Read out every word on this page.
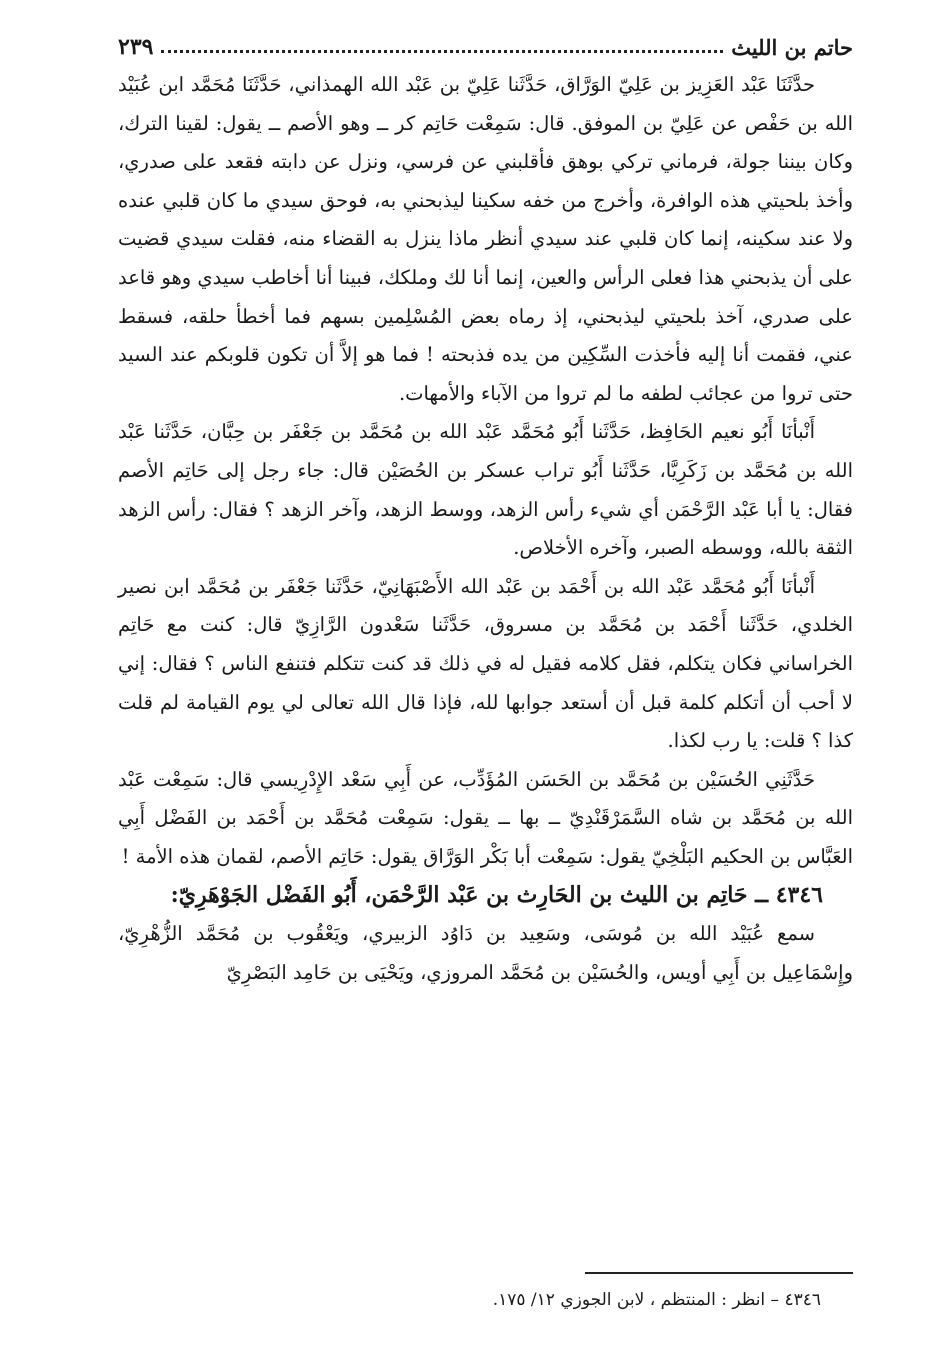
حاتم بن الليث
٢٣٩

حدَّثَنَا عَبْد العَزِيز بن عَلِيّ الوَرَّاق، حَدَّثَنا عَلِيّ بن عَبْد الله الهمذاني، حَدَّثَنَا مُحَمَّد ابن عُبَيْد الله بن حَفْص عن عَلِيّ بن الموفق. قال: سَمِعْت حَاتِم كر ــ وهو الأصم ــ يقول: لقينا الترك، وكان بيننا جولة، فرماني تركي بوهق فأقلبني عن فرسي، ونزل عن دابته فقعد على صدري، وأخذ بلحيتي هذه الوافرة، وأخرج من خفه سكينا ليذبحني به، فوحق سيدي ما كان قلبي عنده ولا عند سكينه، إنما كان قلبي عند سيدي أنظر ماذا ينزل به القضاء منه، فقلت سيدي قضيت على أن يذبحني هذا فعلى الرأس والعين، إنما أنا لك وملكك، فبينا أنا أخاطب سيدي وهو قاعد على صدري، آخذ بلحيتي ليذبحني، إذ رماه بعض المُسْلِمين بسهم فما أخطأ حلقه، فسقط عني، فقمت أنا إليه فأخذت السِّكِين من يده فذبحته ! فما هو إلاَّ أن تكون قلوبكم عند السيد حتى تروا من عجائب لطفه ما لم تروا من الآباء والأمهات.

أَنْبأنَا أَبُو نعيم الحَافِظ، حَدَّثَنا أَبُو مُحَمَّد عَبْد الله بن مُحَمَّد بن جَعْفَر بن حِبَّان، حَدَّثَنا عَبْد الله بن مُحَمَّد بن زَكَرِيَّا، حَدَّثَنا أَبُو تراب عسكر بن الحُصَيْن قال: جاء رجل إلى حَاتِم الأصم فقال: يا أبا عَبْد الرَّحْمَن أي شيء رأس الزهد، ووسط الزهد، وآخر الزهد ؟ فقال: رأس الزهد الثقة بالله، ووسطه الصبر، وآخره الأخلاص.

أَنْبأنَا أَبُو مُحَمَّد عَبْد الله بن أَحْمَد بن عَبْد الله الأَصْبَهَانِيّ، حَدَّثَنا جَعْفَر بن مُحَمَّد ابن نصير الخلدي، حَدَّثَنا أَحْمَد بن مُحَمَّد بن مسروق، حَدَّثَنا سَعْدون الرَّازِيّ قال: كنت مع حَاتِم الخراساني فكان يتكلم، فقل كلامه فقيل له في ذلك قد كنت تتكلم فتنفع الناس ؟ فقال: إني لا أحب أن أتكلم كلمة قبل أن أستعد جوابها لله، فإذا قال الله تعالى لي يوم القيامة لم قلت كذا ؟ قلت: يا رب لكذا.

حَدَّثَنِي الحُسَيْن بن مُحَمَّد بن الحَسَن المُؤَدِّب، عن أَبِي سَعْد الإِدْرِيسي قال: سَمِعْت عَبْد الله بن مُحَمَّد بن شاه السَّمَرْقَنْدِيّ ــ بها ــ يقول: سَمِعْت مُحَمَّد بن أَحْمَد بن الفَضْل أَبِي العَبَّاس بن الحكيم البَلْخِيّ يقول: سَمِعْت أبا بَكْر الوَرَّاق يقول: حَاتِم الأصم، لقمان هذه الأمة !

٤٣٤٦ ــ حَاتِم بن الليث بن الحَارِث بن عَبْد الرَّحْمَن، أَبُو الفَضْل الجَوْهَرِيّ:

سمع عُبَيْد الله بن مُوسَى، وسَعِيد بن دَاوُد الزبيري، ويَعْقُوب بن مُحَمَّد الزُّهْرِيّ، وإِسْمَاعِيل بن أَبِي أويس، والحُسَيْن بن مُحَمَّد المروزي، ويَحْيَى بن حَامِد البَصْرِيّ

٤٣٤٦ – انظر : المنتظم ، لابن الجوزي ١٢/ ١٧٥.
